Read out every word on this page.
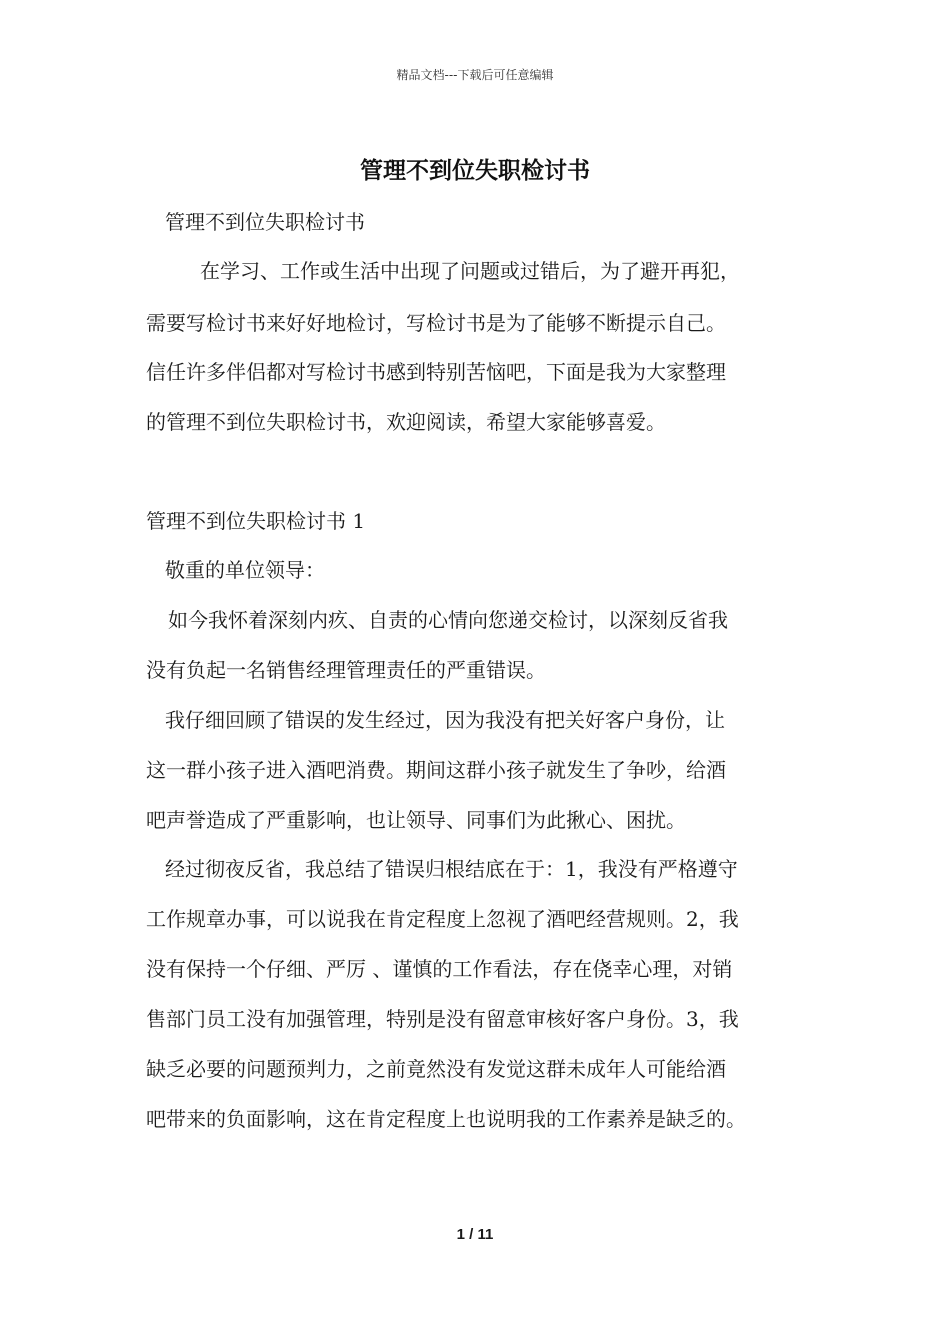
精品文档---下载后可任意编辑
管理不到位失职检讨书
管理不到位失职检讨书
在学习、工作或生活中出现了问题或过错后，为了避开再犯，
需要写检讨书来好好地检讨，写检讨书是为了能够不断提示自己。
信任许多伴侣都对写检讨书感到特别苦恼吧，下面是我为大家整理
的管理不到位失职检讨书，欢迎阅读，希望大家能够喜爱。
管理不到位失职检讨书 1
敬重的单位领导：
如今我怀着深刻内疚、自责的心情向您递交检讨，以深刻反省我
没有负起一名销售经理管理责任的严重错误。
我仔细回顾了错误的发生经过，因为我没有把关好客户身份，让
这一群小孩子进入酒吧消费。期间这群小孩子就发生了争吵，给酒
吧声誉造成了严重影响，也让领导、同事们为此揪心、困扰。
经过彻夜反省，我总结了错误归根结底在于：1，我没有严格遵守
工作规章办事，可以说我在肯定程度上忽视了酒吧经营规则。2，我
没有保持一个仔细、严厉 、谨慎的工作看法，存在侥幸心理，对销
售部门员工没有加强管理，特别是没有留意审核好客户身份。3，我
缺乏必要的问题预判力，之前竟然没有发觉这群未成年人可能给酒
吧带来的负面影响，这在肯定程度上也说明我的工作素养是缺乏的。
1 / 11
